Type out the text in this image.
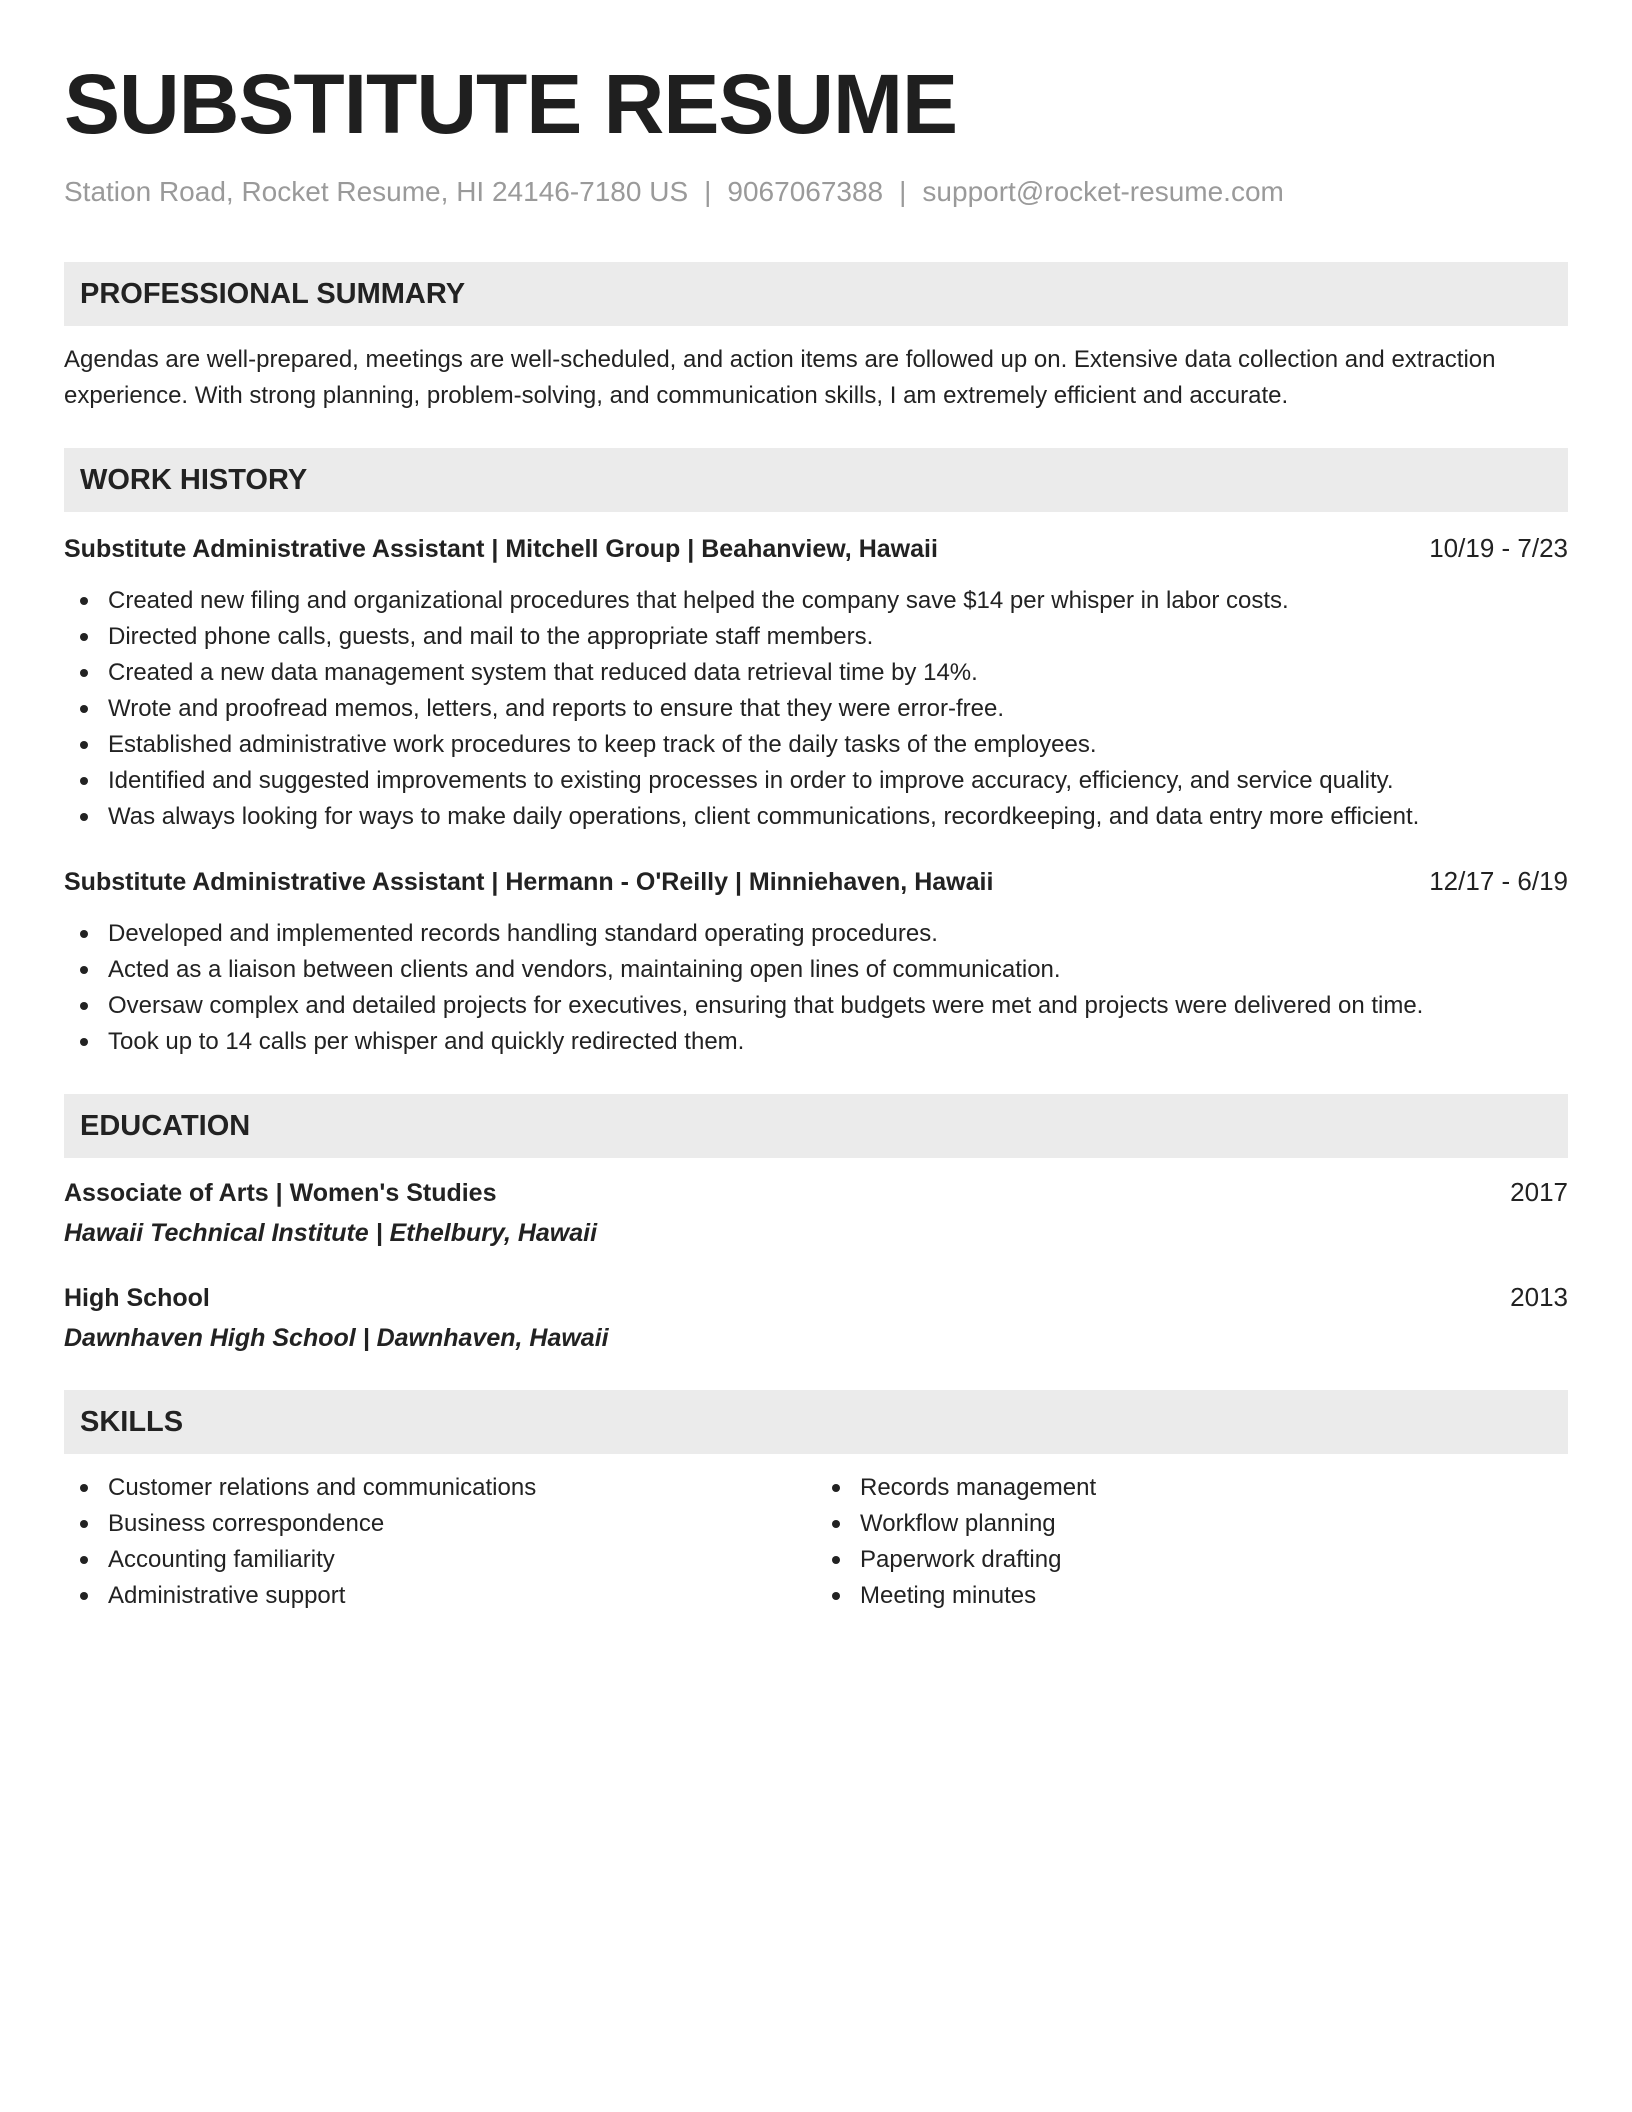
SUBSTITUTE RESUME
Station Road, Rocket Resume, HI 24146-7180 US | 9067067388 | support@rocket-resume.com
PROFESSIONAL SUMMARY
Agendas are well-prepared, meetings are well-scheduled, and action items are followed up on. Extensive data collection and extraction experience. With strong planning, problem-solving, and communication skills, I am extremely efficient and accurate.
WORK HISTORY
Substitute Administrative Assistant | Mitchell Group | Beahanview, Hawaii	10/19 - 7/23
Created new filing and organizational procedures that helped the company save $14 per whisper in labor costs.
Directed phone calls, guests, and mail to the appropriate staff members.
Created a new data management system that reduced data retrieval time by 14%.
Wrote and proofread memos, letters, and reports to ensure that they were error-free.
Established administrative work procedures to keep track of the daily tasks of the employees.
Identified and suggested improvements to existing processes in order to improve accuracy, efficiency, and service quality.
Was always looking for ways to make daily operations, client communications, recordkeeping, and data entry more efficient.
Substitute Administrative Assistant | Hermann - O'Reilly | Minniehaven, Hawaii	12/17 - 6/19
Developed and implemented records handling standard operating procedures.
Acted as a liaison between clients and vendors, maintaining open lines of communication.
Oversaw complex and detailed projects for executives, ensuring that budgets were met and projects were delivered on time.
Took up to 14 calls per whisper and quickly redirected them.
EDUCATION
Associate of Arts | Women's Studies	2017
Hawaii Technical Institute | Ethelbury, Hawaii
High School	2013
Dawnhaven High School | Dawnhaven, Hawaii
SKILLS
Customer relations and communications
Business correspondence
Accounting familiarity
Administrative support
Records management
Workflow planning
Paperwork drafting
Meeting minutes
